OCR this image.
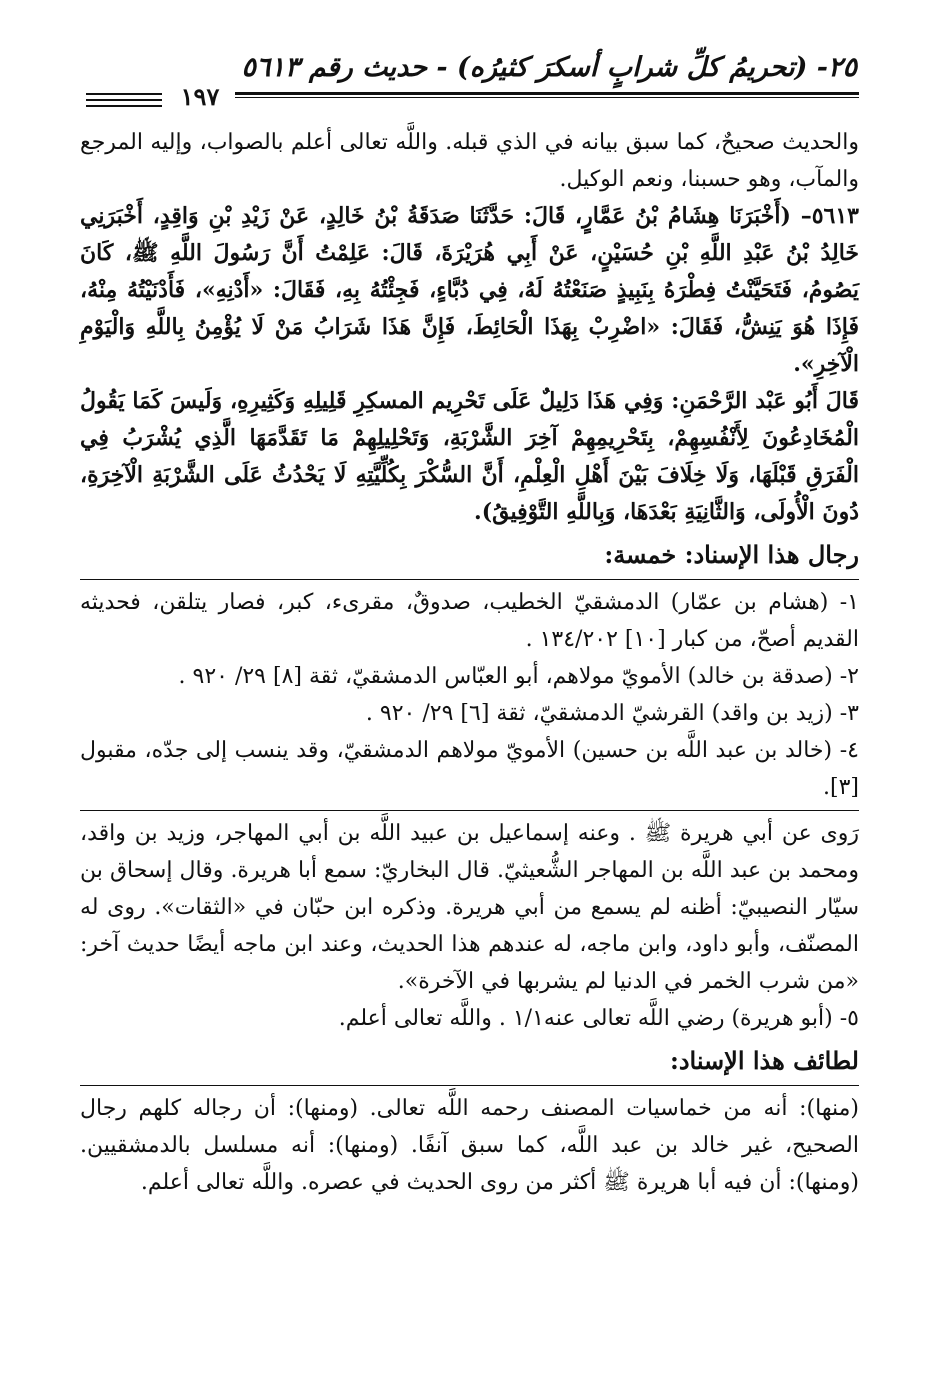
٢٥- (تحريمُ كلِّ شرابٍ أسكرَ كثيرُه) - حديث رقم ٥٦١٣
١٩٧

والحديث صحيحٌ، كما سبق بيانه في الذي قبله. واللَّه تعالى أعلم بالصواب، وإليه المرجع والمآب، وهو حسبنا، ونعم الوكيل.

٥٦١٣– (أَخْبَرَنَا هِشَامُ بْنُ عَمَّارٍ، قَالَ: حَدَّثَنَا صَدَقَةُ بْنُ خَالِدٍ، عَنْ زَيْدِ بْنِ وَاقِدٍ، أَخْبَرَنِي خَالِدُ بْنُ عَبْدِ اللَّهِ بْنِ حُسَيْنٍ، عَنْ أَبِي هُرَيْرَةَ، قَالَ: عَلِمْتُ أَنَّ رَسُولَ اللَّهِ ﷺ، كَانَ يَصُومُ، فَتَحَيَّنْتُ فِطْرَهُ بِنَبِيذٍ صَنَعْتُهُ لَهُ، فِي دُبَّاءٍ، فَجِئْتُهُ بِهِ، فَقَالَ: «أَدْنِهِ»، فَأَدْنَيْتُهُ مِنْهُ، فَإِذَا هُوَ يَنِشُّ، فَقَالَ: «اضْرِبْ بِهَذَا الْحَائِطَ، فَإِنَّ هَذَا شَرَابُ مَنْ لَا يُؤْمِنُ بِاللَّهِ وَالْيَوْمِ الْآخِرِ».

قَالَ أَبُو عَبْد الرَّحْمَنِ: وَفِي هَذَا دَلِيلٌ عَلَى تَحْرِيم المسكِرِ قَلِيلِهِ وَكَثِيرِهِ، وَلَيسَ كَمَا يَقُولُ الْمُخَادِعُونَ لِأَنْفُسِهِمْ، بِتَحْرِيمِهِمْ آخِرَ الشَّرْبَةِ، وَتَحْلِيلِهِمْ مَا تَقَدَّمَهَا الَّذِي يُشْرَبُ فِي الْفَرَقِ قَبْلَهَا، وَلَا خِلَافَ بَيْنَ أَهْلِ الْعِلْمِ، أَنَّ السُّكْرَ بِكُلِّيَّتِهِ لَا يَحْدُثُ عَلَى الشَّرْبَةِ الْآخِرَةِ، دُونَ الْأُولَى، وَالثَّانِيَةِ بَعْدَهَا، وَبِاللَّهِ التَّوْفِيقُ).

رجال هذا الإسناد: خمسة:

١- (هشام بن عمّار) الدمشقيّ الخطيب، صدوقٌ، مقرىء، كبر، فصار يتلقن، فحديثه القديم أصحّ، من كبار [١٠] ١٣٤/٢٠٢ .

٢- (صدقة بن خالد) الأمويّ مولاهم، أبو العبّاس الدمشقيّ، ثقة [٨] ٢٩/ ٩٢٠ .

٣- (زيد بن واقد) القرشيّ الدمشقيّ، ثقة [٦] ٢٩/ ٩٢٠ .

٤- (خالد بن عبد اللَّه بن حسين) الأمويّ مولاهم الدمشقيّ، وقد ينسب إلى جدّه، مقبول [٣].

رَوى عن أبي هريرة ﷺ . وعنه إسماعيل بن عبيد اللَّه بن أبي المهاجر، وزيد بن واقد، ومحمد بن عبد اللَّه بن المهاجر الشُّعيثيّ. قال البخاريّ: سمع أبا هريرة. وقال إسحاق بن سيّار النصيبيّ: أظنه لم يسمع من أبي هريرة. وذكره ابن حبّان في «الثقات». روى له المصنّف، وأبو داود، وابن ماجه، له عندهم هذا الحديث، وعند ابن ماجه أيضًا حديث آخر: «من شرب الخمر في الدنيا لم يشربها في الآخرة».

٥- (أبو هريرة) رضي اللَّه تعالى عنه١/١ . واللَّه تعالى أعلم.

لطائف هذا الإسناد:

(منها): أنه من خماسيات المصنف رحمه اللَّه تعالى. (ومنها): أن رجاله كلهم رجال الصحيح، غير خالد بن عبد اللَّه، كما سبق آنفًا. (ومنها): أنه مسلسل بالدمشقيين. (ومنها): أن فيه أبا هريرة ﷺ أكثر من روى الحديث في عصره. واللَّه تعالى أعلم.
